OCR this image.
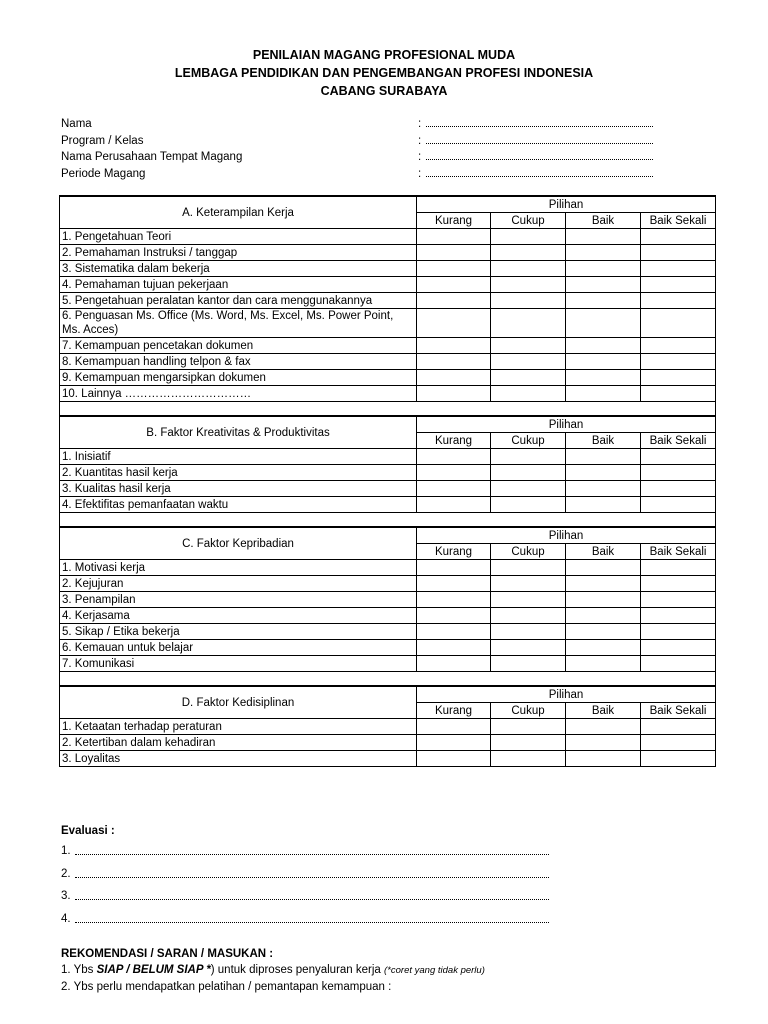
PENILAIAN MAGANG PROFESIONAL MUDA
LEMBAGA PENDIDIKAN DAN PENGEMBANGAN PROFESI INDONESIA
CABANG SURABAYA
Nama	:
Program / Kelas	:
Nama Perusahaan Tempat Magang	:
Periode Magang	:
A. Keterampilan Kerja	Pilihan			
	Kurang	Cukup	Baik	Baik Sekali
1. Pengetahuan Teori				
2. Pemahaman Instruksi / tanggap				
3. Sistematika dalam bekerja				
4. Pemahaman tujuan pekerjaan				
5. Pengetahuan peralatan kantor dan cara menggunakannya				
6. Penguasan Ms. Office (Ms. Word, Ms. Excel, Ms. Power Point, Ms. Acces)				
7. Kemampuan pencetakan dokumen				
8. Kemampuan handling telpon & fax				
9. Kemampuan mengarsipkan dokumen				
10. Lainnya ……………………………				

B. Faktor Kreativitas & Produktivitas	Pilihan			
	Kurang	Cukup	Baik	Baik Sekali
1. Inisiatif				
2. Kuantitas hasil kerja				
3. Kualitas hasil kerja				
4. Efektifitas pemanfaatan waktu				

C. Faktor Kepribadian	Pilihan			
	Kurang	Cukup	Baik	Baik Sekali
1. Motivasi kerja				
2. Kejujuran				
3. Penampilan				
4. Kerjasama				
5. Sikap / Etika bekerja				
6. Kemauan untuk belajar				
7. Komunikasi				

D. Faktor Kedisiplinan	Pilihan			
	Kurang	Cukup	Baik	Baik Sekali
1. Ketaatan terhadap peraturan				
2. Ketertiban dalam kehadiran				
3. Loyalitas				
Evaluasi :
1.
2.
3.
4.
REKOMENDASI / SARAN / MASUKAN :
1. Ybs SIAP / BELUM SIAP *) untuk diproses penyaluran kerja (*coret yang tidak perlu)
2. Ybs perlu mendapatkan pelatihan / pemantapan kemampuan :
